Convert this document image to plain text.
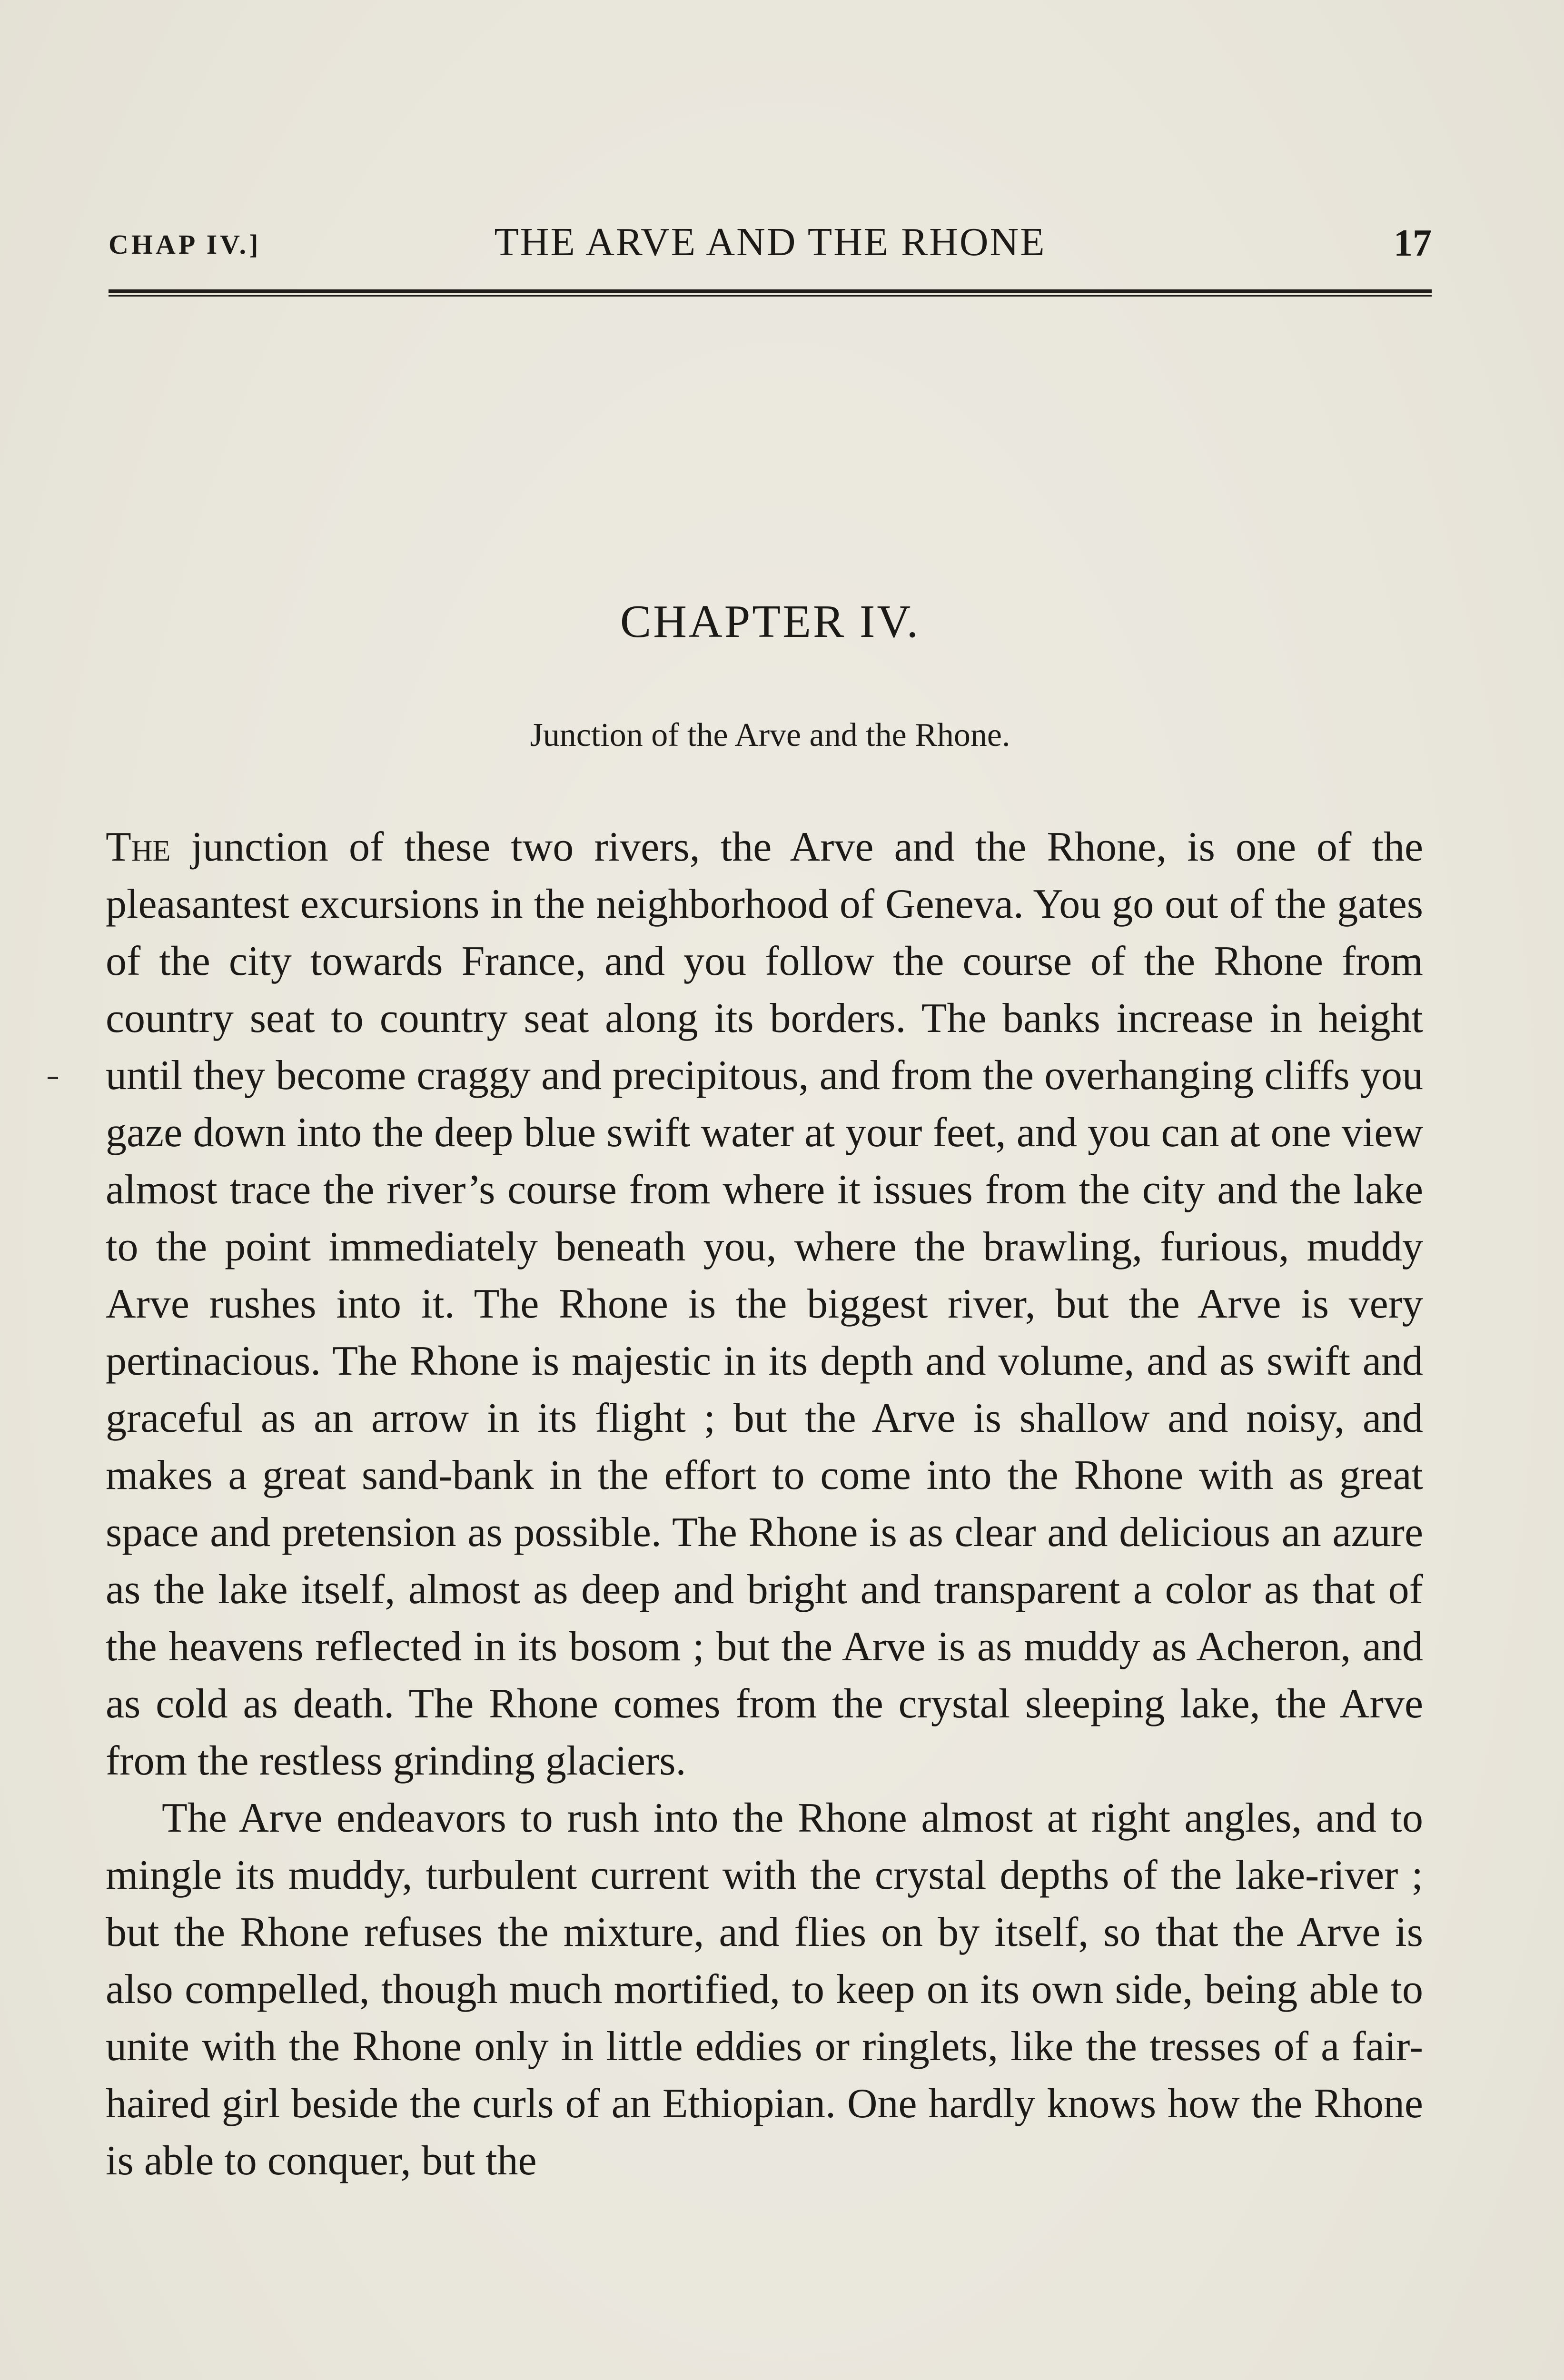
CHAP IV.]	THE ARVE AND THE RHONE	17
CHAPTER IV.
Junction of the Arve and the Rhone.

The junction of these two rivers, the Arve and the Rhone, is one of the pleasantest excursions in the neighborhood of Geneva. You go out of the gates of the city towards France, and you follow the course of the Rhone from country seat to country seat along its borders. The banks increase in height until they become craggy and precipitous, and from the overhanging cliffs you gaze down into the deep blue swift water at your feet, and you can at one view almost trace the river’s course from where it issues from the city and the lake to the point immediately beneath you, where the brawling, furious, muddy Arve rushes into it. The Rhone is the biggest river, but the Arve is very pertinacious. The Rhone is majestic in its depth and volume, and as swift and graceful as an arrow in its flight ; but the Arve is shallow and noisy, and makes a great sand-bank in the effort to come into the Rhone with as great space and pretension as possible. The Rhone is as clear and delicious an azure as the lake itself, almost as deep and bright and transparent a color as that of the heavens reflected in its bosom ; but the Arve is as muddy as Acheron, and as cold as death. The Rhone comes from the crystal sleeping lake, the Arve from the restless grinding glaciers.

The Arve endeavors to rush into the Rhone almost at right angles, and to mingle its muddy, turbulent current with the crystal depths of the lake-river ; but the Rhone refuses the mixture, and flies on by itself, so that the Arve is also compelled, though much mortified, to keep on its own side, being able to unite with the Rhone only in little eddies or ringlets, like the tresses of a fair-haired girl beside the curls of an Ethiopian. One hardly knows how the Rhone is able to conquer, but the
